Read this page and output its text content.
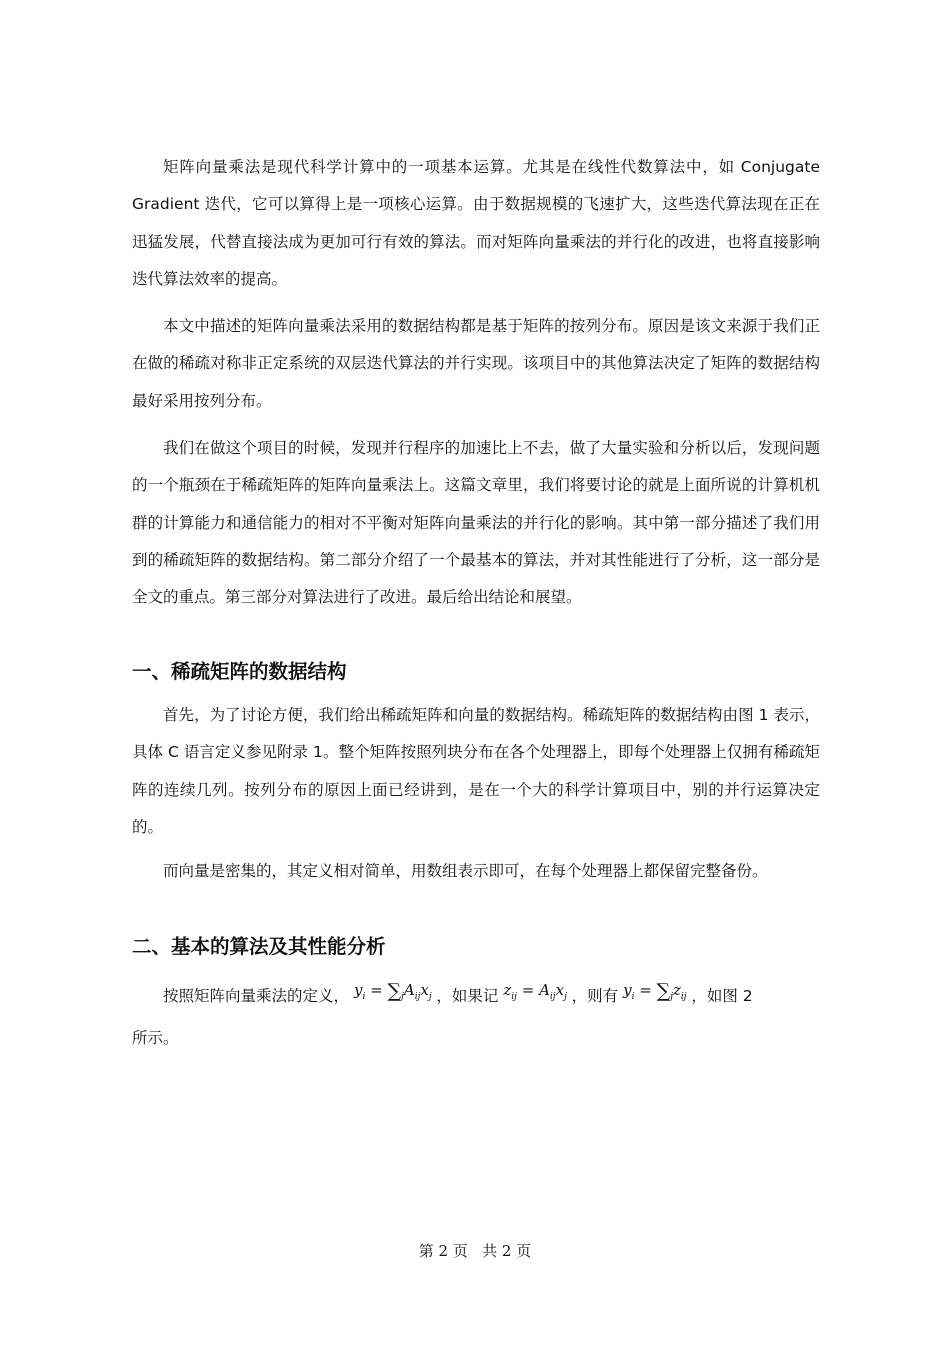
矩阵向量乘法是现代科学计算中的一项基本运算。尤其是在线性代数算法中，如 Conjugate Gradient 迭代，它可以算得上是一项核心运算。由于数据规模的飞速扩大，这些迭代算法现在正在迅猛发展，代替直接法成为更加可行有效的算法。而对矩阵向量乘法的并行化的改进，也将直接影响迭代算法效率的提高。

本文中描述的矩阵向量乘法采用的数据结构都是基于矩阵的按列分布。原因是该文来源于我们正在做的稀疏对称非正定系统的双层迭代算法的并行实现。该项目中的其他算法决定了矩阵的数据结构最好采用按列分布。

我们在做这个项目的时候，发现并行程序的加速比上不去，做了大量实验和分析以后，发现问题的一个瓶颈在于稀疏矩阵的矩阵向量乘法上。这篇文章里，我们将要讨论的就是上面所说的计算机机群的计算能力和通信能力的相对不平衡对矩阵向量乘法的并行化的影响。其中第一部分描述了我们用到的稀疏矩阵的数据结构。第二部分介绍了一个最基本的算法，并对其性能进行了分析，这一部分是全文的重点。第三部分对算法进行了改进。最后给出结论和展望。

一、稀疏矩阵的数据结构

首先，为了讨论方便，我们给出稀疏矩阵和向量的数据结构。稀疏矩阵的数据结构由图 1 表示，具体 C 语言定义参见附录 1。整个矩阵按照列块分布在各个处理器上，即每个处理器上仅拥有稀疏矩阵的连续几列。按列分布的原因上面已经讲到，是在一个大的科学计算项目中，别的并行运算决定的。

而向量是密集的，其定义相对简单，用数组表示即可，在每个处理器上都保留完整备份。

二、基本的算法及其性能分析

按照矩阵向量乘法的定义， $y_i = \sum_jA_{ij}x_j$ ，如果记 $z_{ij} = A_{ij}x_j$ ，则有 $y_i = \sum_jz_{ij}$ ，如图 2

所示。

第 2 页 共 2 页
